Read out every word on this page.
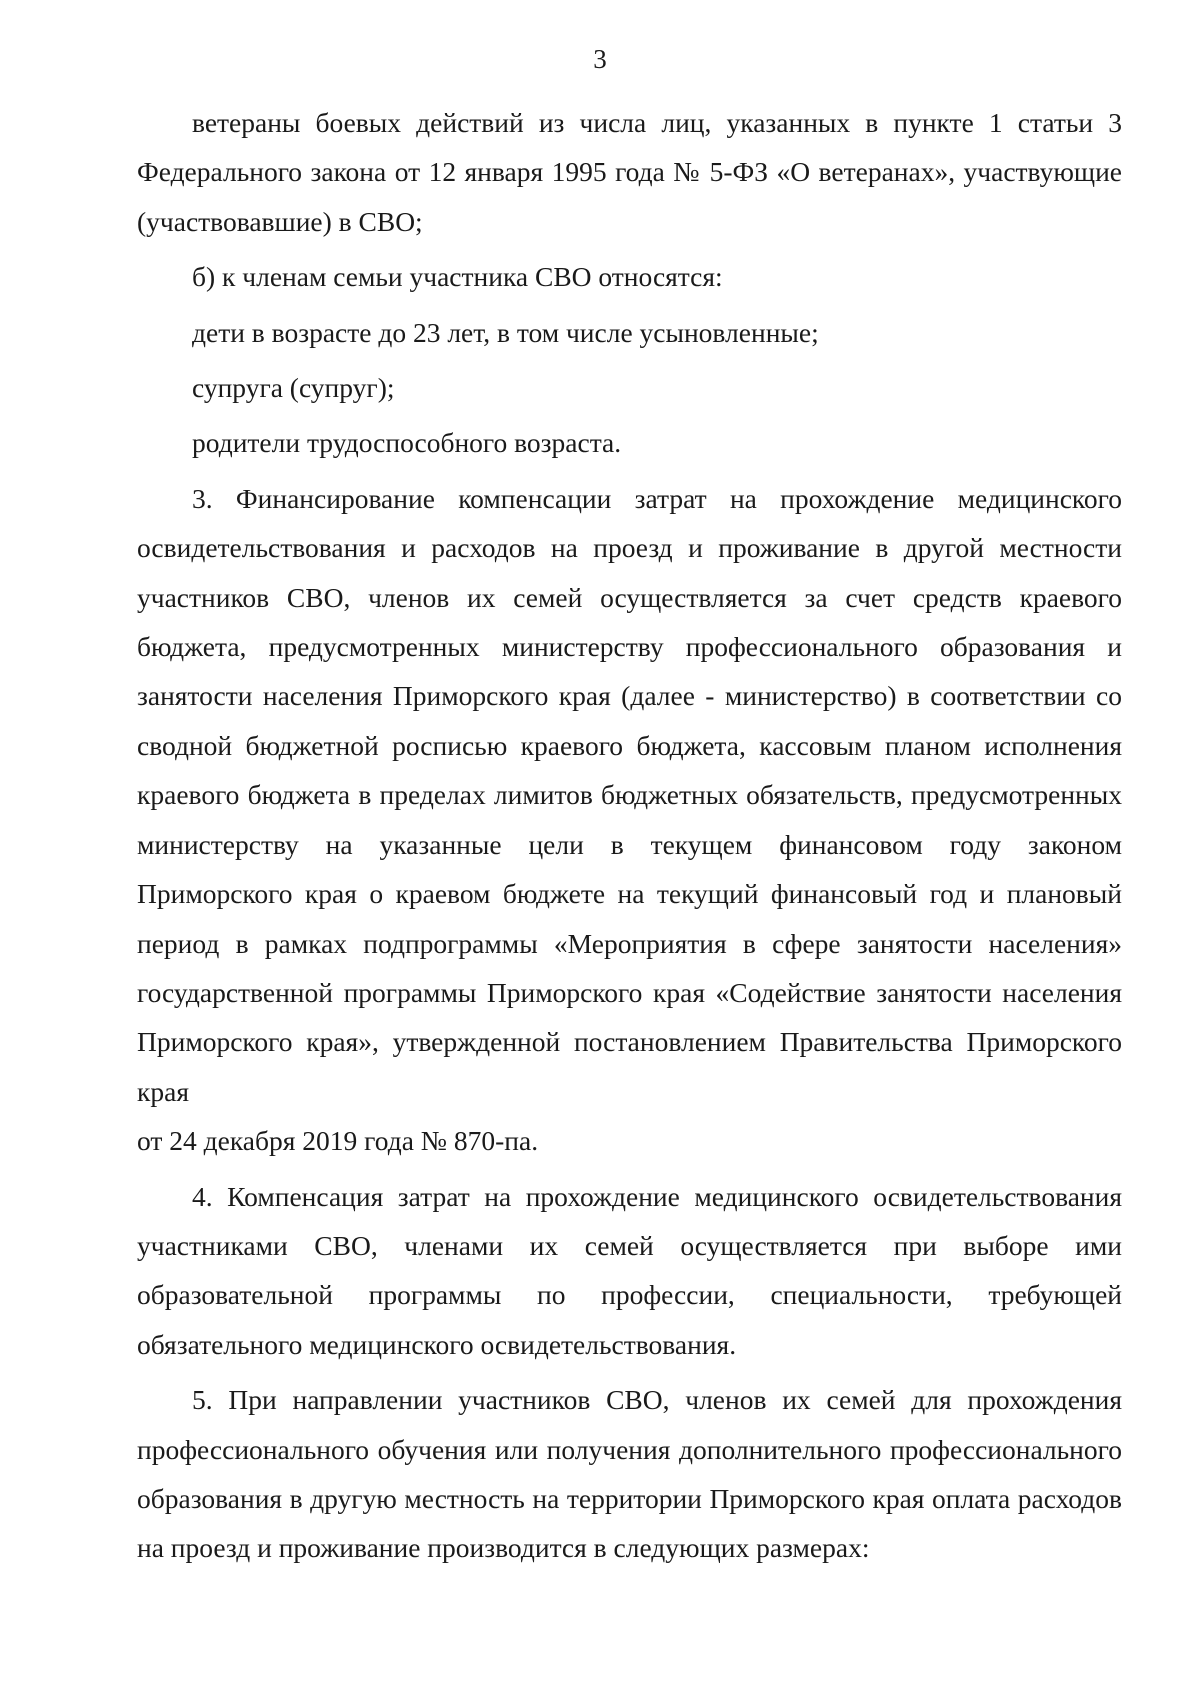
3

ветераны боевых действий из числа лиц, указанных в пункте 1 статьи 3 Федерального закона от 12 января 1995 года № 5-ФЗ «О ветеранах», участвующие (участвовавшие) в СВО;

б) к членам семьи участника СВО относятся:

дети в возрасте до 23 лет, в том числе усыновленные;

супруга (супруг);

родители трудоспособного возраста.

3. Финансирование компенсации затрат на прохождение медицинского освидетельствования и расходов на проезд и проживание в другой местности участников СВО, членов их семей осуществляется за счет средств краевого бюджета, предусмотренных министерству профессионального образования и занятости населения Приморского края (далее - министерство) в соответствии со сводной бюджетной росписью краевого бюджета, кассовым планом исполнения краевого бюджета в пределах лимитов бюджетных обязательств, предусмотренных министерству на указанные цели в текущем финансовом году законом Приморского края о краевом бюджете на текущий финансовый год и плановый период в рамках подпрограммы «Мероприятия в сфере занятости населения» государственной программы Приморского края «Содействие занятости населения Приморского края», утвержденной постановлением Правительства Приморского края

от 24 декабря 2019 года № 870-па.

4. Компенсация затрат на прохождение медицинского освидетельствования участниками СВО, членами их семей осуществляется при выборе ими образовательной программы по профессии, специальности, требующей обязательного медицинского освидетельствования.

5. При направлении участников СВО, членов их семей для прохождения профессионального обучения или получения дополнительного профессионального образования в другую местность на территории Приморского края оплата расходов на проезд и проживание производится в следующих размерах:
